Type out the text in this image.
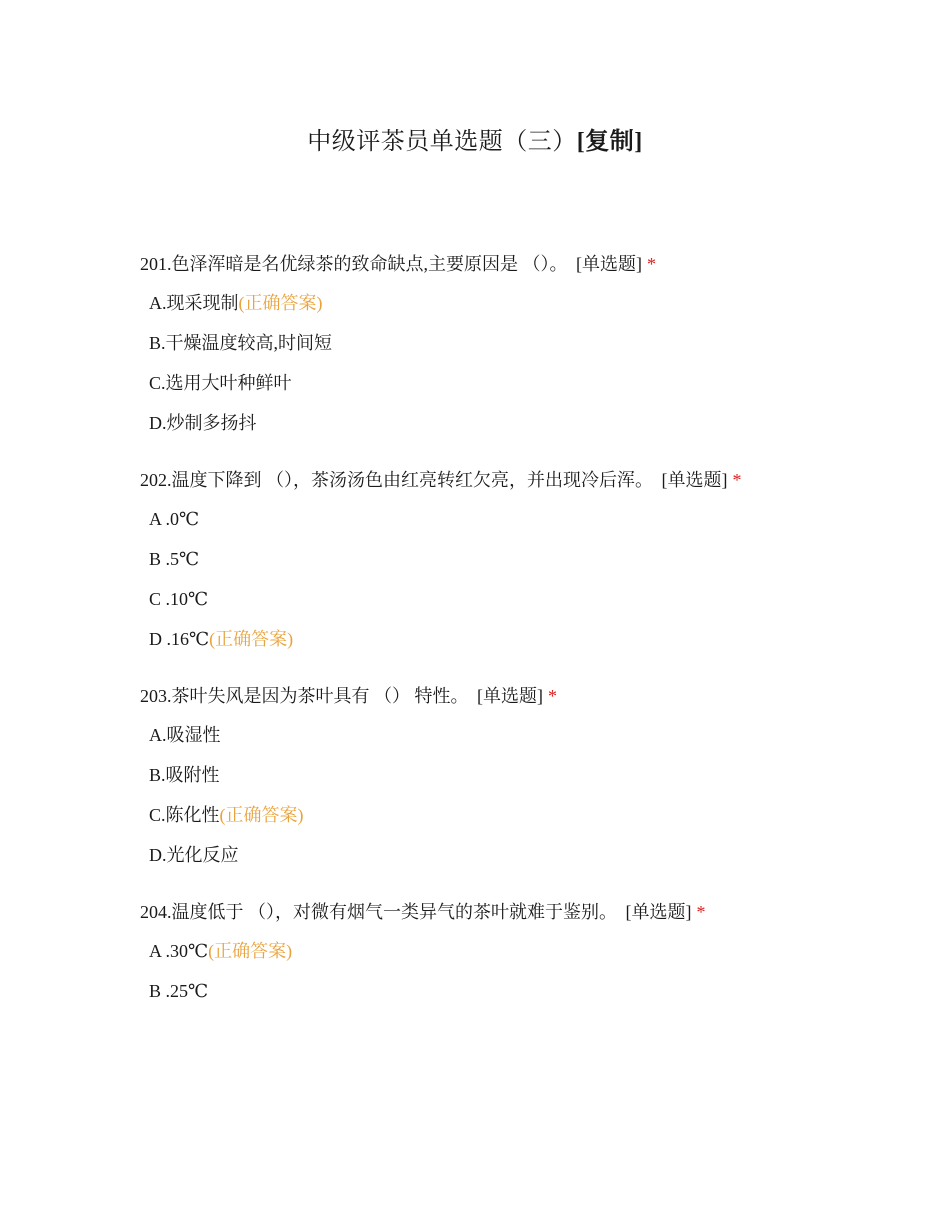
中级评茶员单选题（三）[复制]
201.色泽浑暗是名优绿茶的致命缺点,主要原因是 （）。 [单选题] *
A.现采现制(正确答案)
B.干燥温度较高,时间短
C.选用大叶种鲜叶
D.炒制多扬抖
202.温度下降到 （），茶汤汤色由红亮转红欠亮，并出现冷后浑。 [单选题] *
A .0℃
B .5℃
C .10℃
D .16℃(正确答案)
203.茶叶失风是因为茶叶具有 （） 特性。 [单选题] *
A.吸湿性
B.吸附性
C.陈化性(正确答案)
D.光化反应
204.温度低于 （），对微有烟气一类异气的茶叶就难于鉴别。 [单选题] *
A .30℃(正确答案)
B .25℃
